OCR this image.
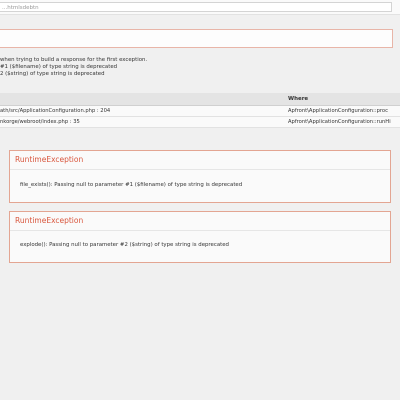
...htmlsdebtn
when trying to build a response for the first exception.
#1 ($filename) of type string is deprecated
2 ($string) of type string is deprecated
	Where
ath/src/ApplicationConfiguration.php : 204	Apfront\ApplicationConfiguration::proc
nkorge/webroot/index.php : 35	Apfront\ApplicationConfiguration::runHi
RuntimeException
file_exists(): Passing null to parameter #1 ($filename) of type string is deprecated
RuntimeException
explode(): Passing null to parameter #2 ($string) of type string is deprecated
